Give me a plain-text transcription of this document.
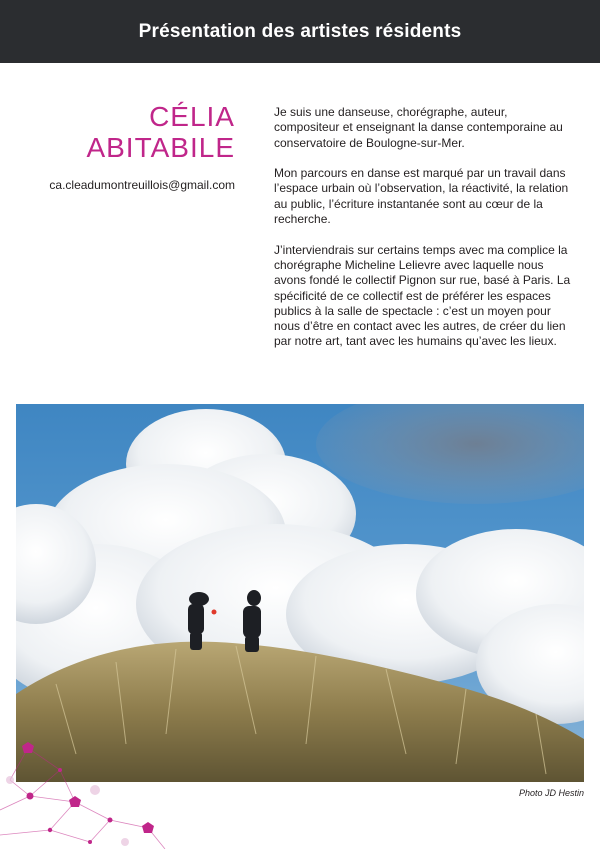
Présentation des artistes résidents
CÉLIA
ABITABILE
ca.cleadumontreuillois@gmail.com

Je suis une danseuse, chorégraphe, auteur, compositeur et enseignant la danse contemporaine au conservatoire de Boulogne-sur-Mer.

Mon parcours en danse est marqué par un travail dans l’espace urbain où l’observation, la réactivité, la relation au public, l’écriture instantanée sont au cœur de la recherche.

J’interviendrais sur certains temps avec ma complice la chorégraphe Micheline Lelievre avec laquelle nous avons fondé le collectif Pignon sur rue, basé à Paris. La spécificité de ce collectif est de préférer les espaces publics à la salle de spectacle : c’est un moyen pour nous d’être en contact avec les autres, de créer du lien par notre art, tant avec les humains qu’avec les lieux.

Photo JD Hestin
